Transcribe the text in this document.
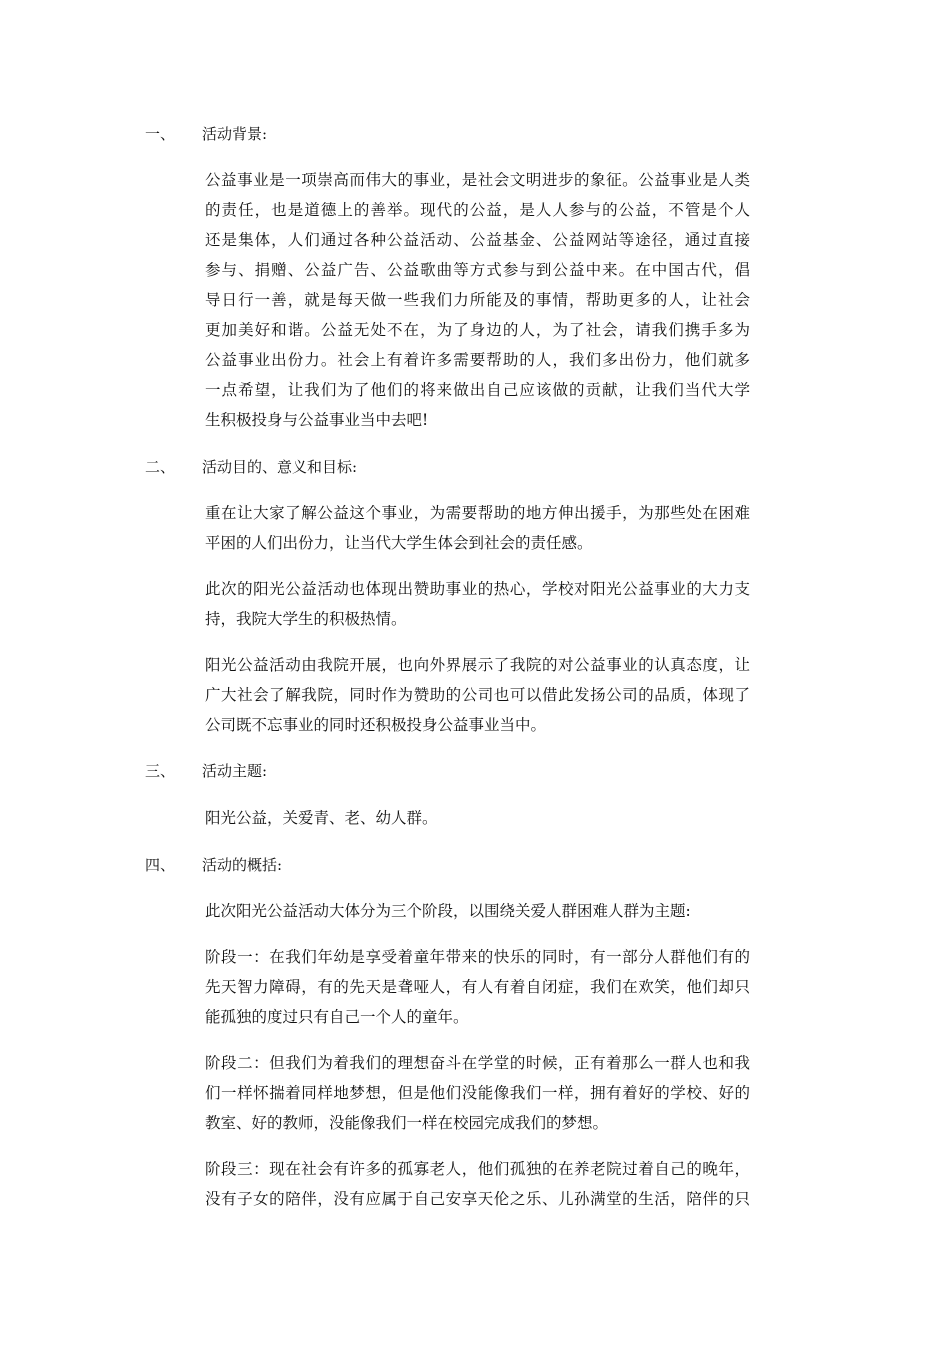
一、 活动背景:
公益事业是一项崇高而伟大的事业，是社会文明进步的象征。公益事业是人类
的责任，也是道德上的善举。现代的公益，是人人参与的公益，不管是个人
还是集体，人们通过各种公益活动、公益基金、公益网站等途径，通过直接
参与、捐赠、公益广告、公益歌曲等方式参与到公益中来。在中国古代，倡
导日行一善，就是每天做一些我们力所能及的事情，帮助更多的人，让社会
更加美好和谐。公益无处不在，为了身边的人，为了社会，请我们携手多为
公益事业出份力。社会上有着许多需要帮助的人，我们多出份力，他们就多
一点希望，让我们为了他们的将来做出自己应该做的贡献，让我们当代大学
生积极投身与公益事业当中去吧!
二、 活动目的、意义和目标:
重在让大家了解公益这个事业，为需要帮助的地方伸出援手，为那些处在困难
平困的人们出份力，让当代大学生体会到社会的责任感。
此次的阳光公益活动也体现出赞助事业的热心，学校对阳光公益事业的大力支
持，我院大学生的积极热情。
阳光公益活动由我院开展，也向外界展示了我院的对公益事业的认真态度，让
广大社会了解我院，同时作为赞助的公司也可以借此发扬公司的品质，体现了
公司既不忘事业的同时还积极投身公益事业当中。
三、 活动主题:
阳光公益，关爱青、老、幼人群。
四、 活动的概括:
此次阳光公益活动大体分为三个阶段，以围绕关爱人群困难人群为主题:
阶段一：在我们年幼是享受着童年带来的快乐的同时，有一部分人群他们有的
先天智力障碍，有的先天是聋哑人，有人有着自闭症，我们在欢笑，他们却只
能孤独的度过只有自己一个人的童年。
阶段二：但我们为着我们的理想奋斗在学堂的时候，正有着那么一群人也和我
们一样怀揣着同样地梦想，但是他们没能像我们一样，拥有着好的学校、好的
教室、好的教师，没能像我们一样在校园完成我们的梦想。
阶段三：现在社会有许多的孤寡老人，他们孤独的在养老院过着自己的晚年，
没有子女的陪伴，没有应属于自己安享天伦之乐、儿孙满堂的生活，陪伴的只
